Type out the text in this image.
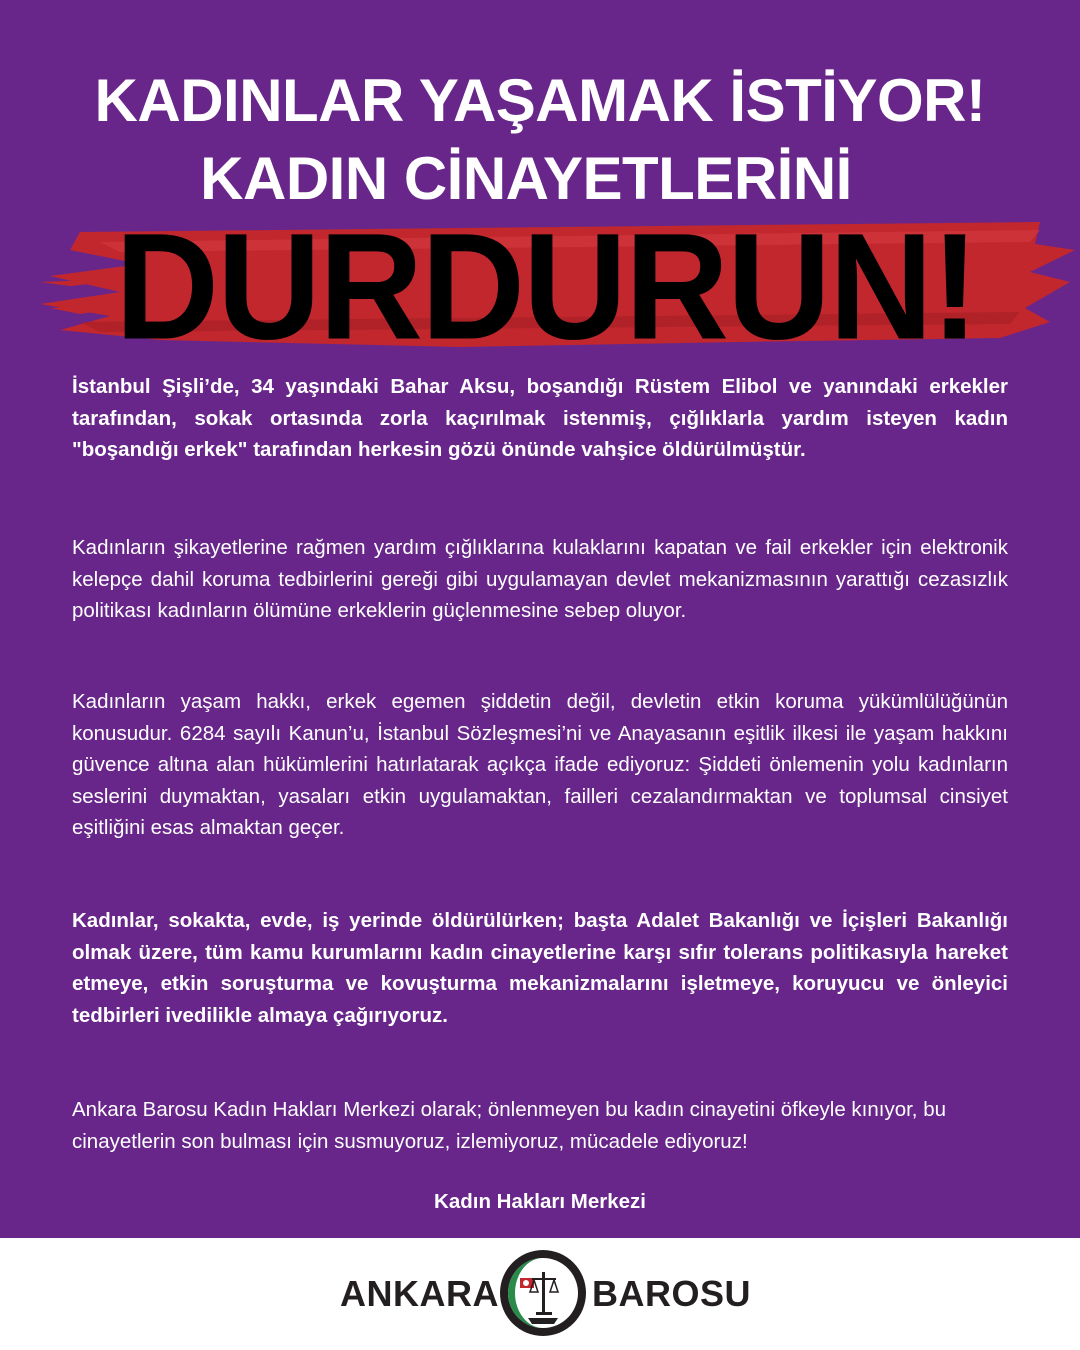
KADINLAR YAŞAMAK İSTİYOR!
KADIN CİNAYETLERİNİ
DURDURUN!

İstanbul Şişli’de, 34 yaşındaki Bahar Aksu, boşandığı Rüstem Elibol ve yanındaki erkekler tarafından, sokak ortasında zorla kaçırılmak istenmiş, çığlıklarla yardım isteyen kadın "boşandığı erkek" tarafından herkesin gözü önünde vahşice öldürülmüştür.

Kadınların şikayetlerine rağmen yardım çığlıklarına kulaklarını kapatan ve fail erkekler için elektronik kelepçe dahil koruma tedbirlerini gereği gibi uygulamayan devlet mekanizmasının yarattığı cezasızlık politikası kadınların ölümüne erkeklerin güçlenmesine sebep oluyor.

Kadınların yaşam hakkı, erkek egemen şiddetin değil, devletin etkin koruma yükümlülüğünün konusudur. 6284 sayılı Kanun’u, İstanbul Sözleşmesi’ni ve Anayasanın eşitlik ilkesi ile yaşam hakkını güvence altına alan hükümlerini hatırlatarak açıkça ifade ediyoruz: Şiddeti önlemenin yolu kadınların seslerini duymaktan, yasaları etkin uygulamaktan, failleri cezalandırmaktan ve toplumsal cinsiyet eşitliğini esas almaktan geçer.

Kadınlar, sokakta, evde, iş yerinde öldürülürken; başta Adalet Bakanlığı ve İçişleri Bakanlığı olmak üzere, tüm kamu kurumlarını kadın cinayetlerine karşı sıfır tolerans politikasıyla hareket etmeye, etkin soruşturma ve kovuşturma mekanizmalarını işletmeye, koruyucu ve önleyici tedbirleri ivedilikle almaya çağırıyoruz.

Ankara Barosu Kadın Hakları Merkezi olarak; önlenmeyen bu kadın cinayetini öfkeyle kınıyor, bu cinayetlerin son bulması için susmuyoruz, izlemiyoruz, mücadele ediyoruz!

Kadın Hakları Merkezi

ANKARA	BAROSU
